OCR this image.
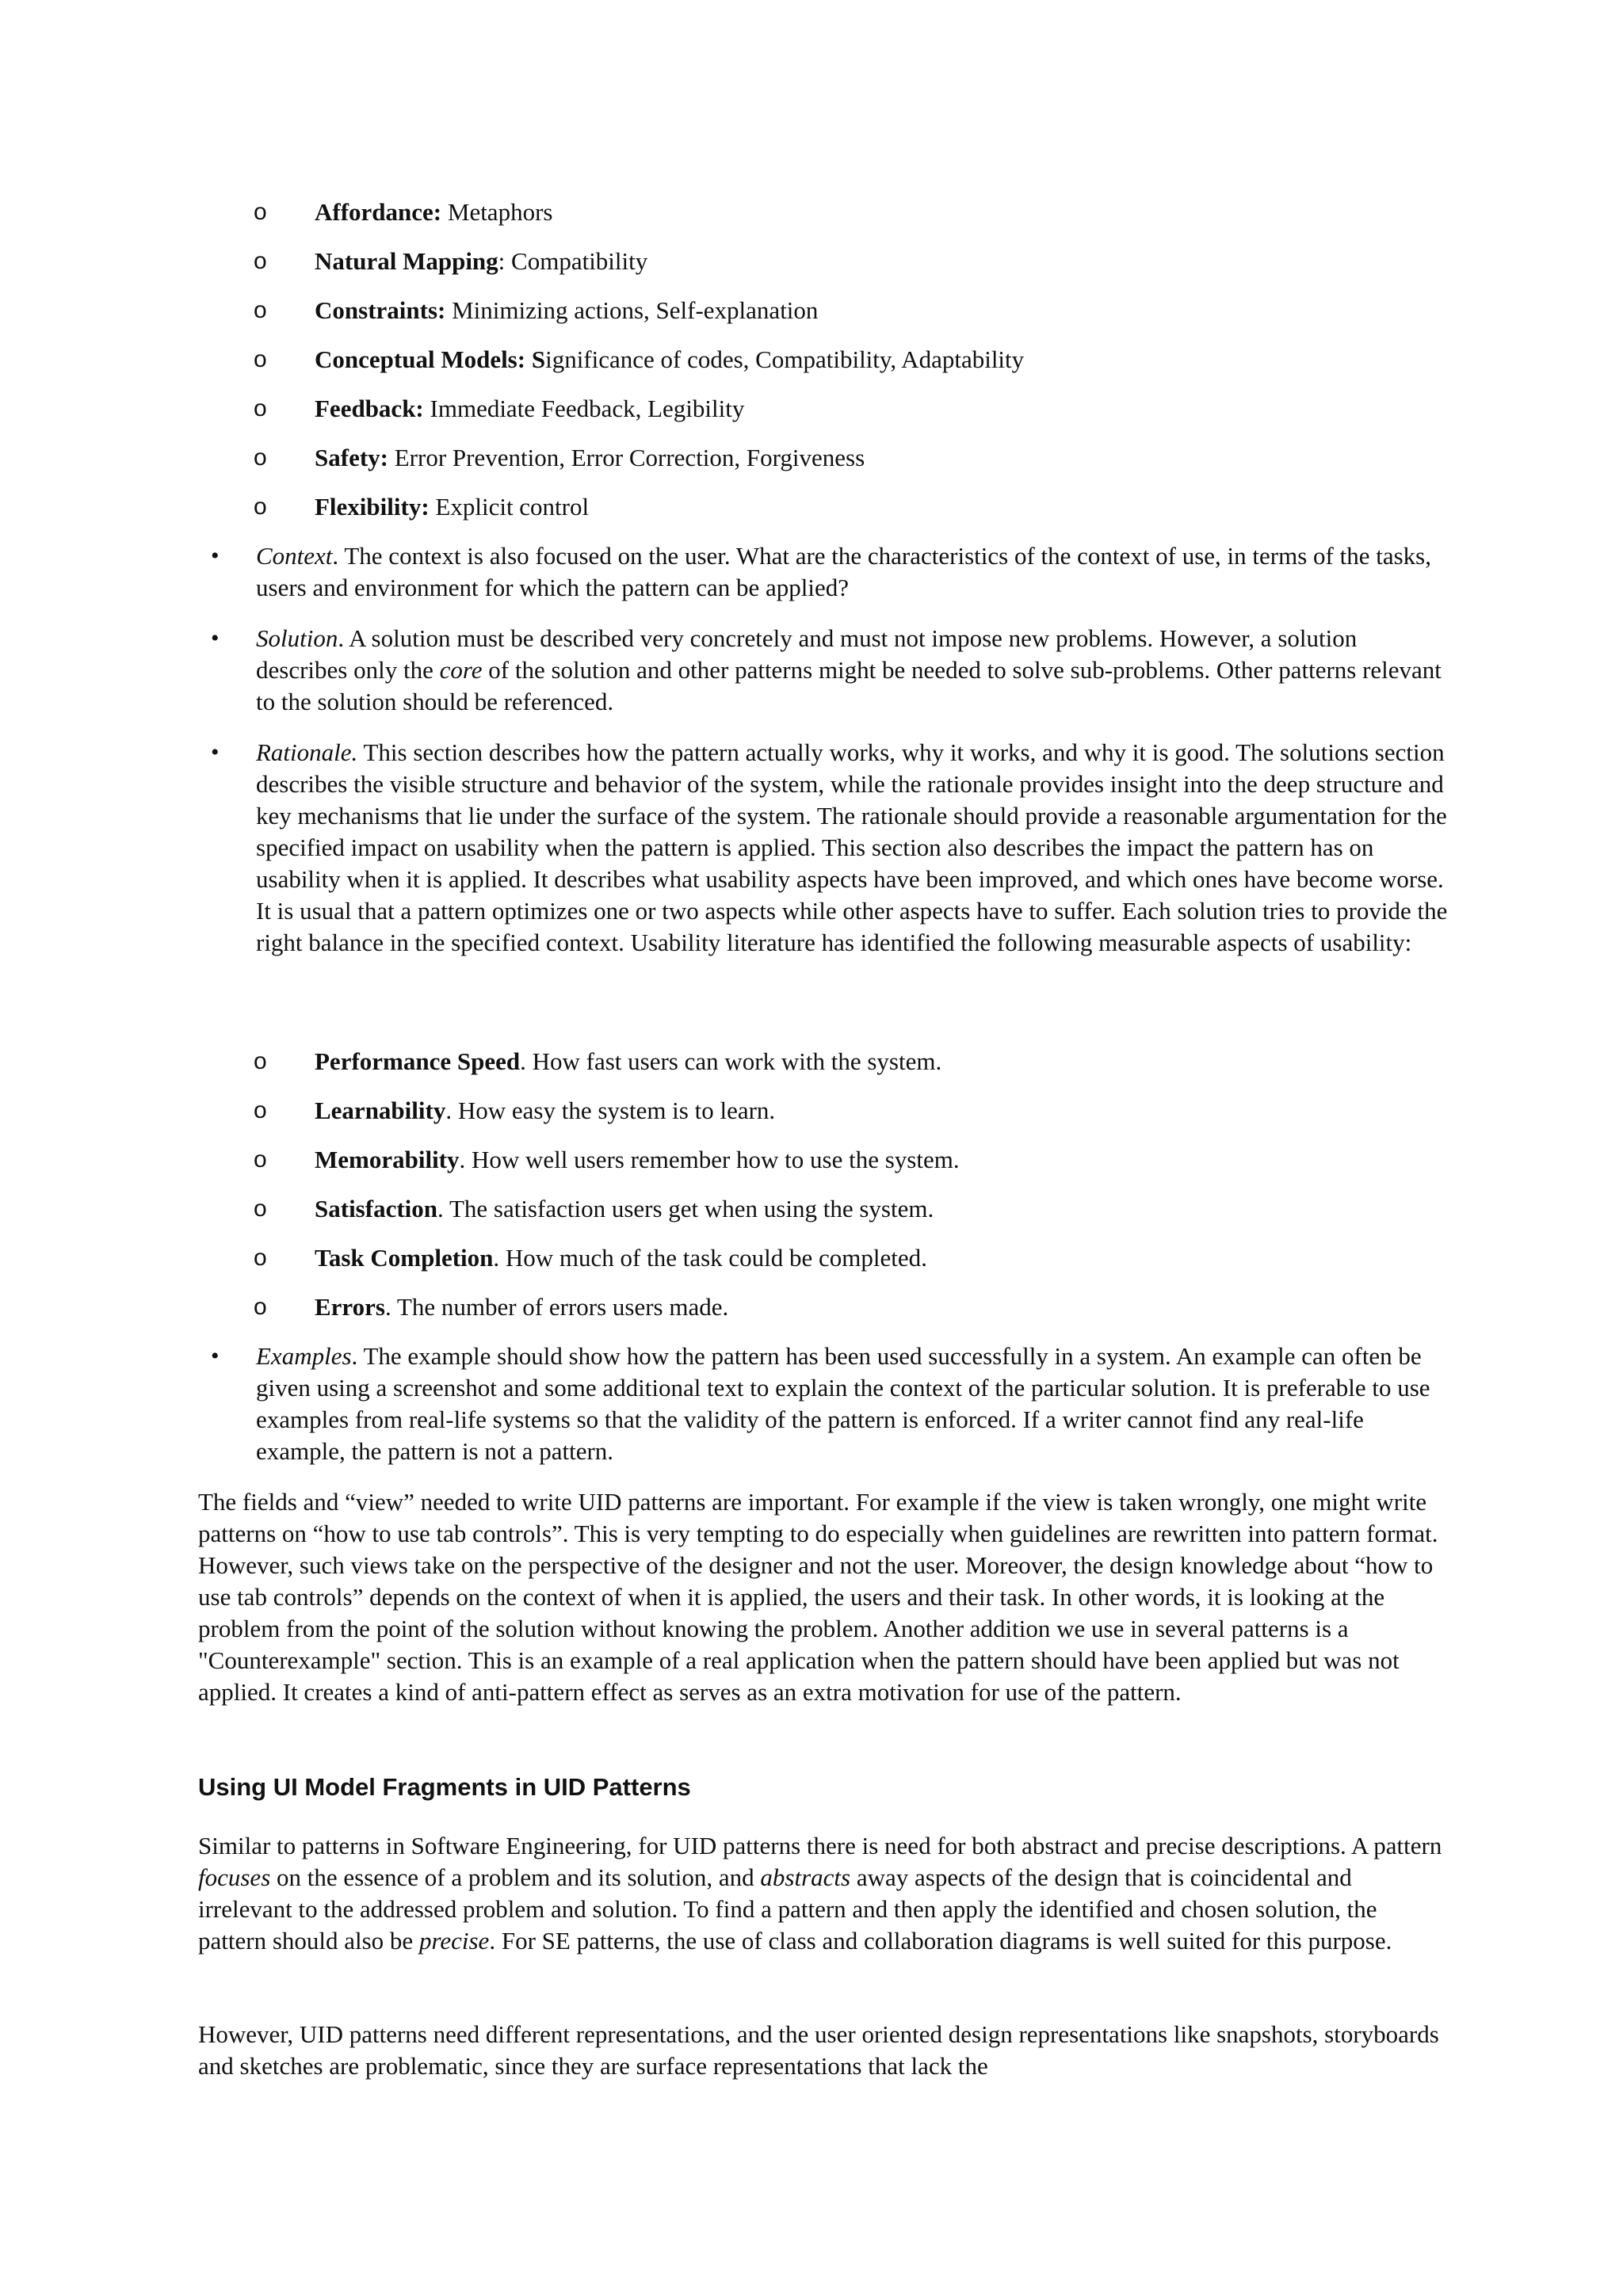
o Affordance: Metaphors
o Natural Mapping: Compatibility
o Constraints: Minimizing actions, Self-explanation
o Conceptual Models: Significance of codes, Compatibility, Adaptability
o Feedback: Immediate Feedback, Legibility
o Safety: Error Prevention, Error Correction, Forgiveness
o Flexibility: Explicit control
• Context. The context is also focused on the user. What are the characteristics of the context of use, in terms of the tasks, users and environment for which the pattern can be applied?
• Solution. A solution must be described very concretely and must not impose new problems. However, a solution describes only the core of the solution and other patterns might be needed to solve sub-problems. Other patterns relevant to the solution should be referenced.
• Rationale. This section describes how the pattern actually works, why it works, and why it is good. The solutions section describes the visible structure and behavior of the system, while the rationale provides insight into the deep structure and key mechanisms that lie under the surface of the system. The rationale should provide a reasonable argumentation for the specified impact on usability when the pattern is applied. This section also describes the impact the pattern has on usability when it is applied. It describes what usability aspects have been improved, and which ones have become worse. It is usual that a pattern optimizes one or two aspects while other aspects have to suffer. Each solution tries to provide the right balance in the specified context. Usability literature has identified the following measurable aspects of usability:
o Performance Speed. How fast users can work with the system.
o Learnability. How easy the system is to learn.
o Memorability. How well users remember how to use the system.
o Satisfaction. The satisfaction users get when using the system.
o Task Completion. How much of the task could be completed.
o Errors. The number of errors users made.
• Examples. The example should show how the pattern has been used successfully in a system. An example can often be given using a screenshot and some additional text to explain the context of the particular solution. It is preferable to use examples from real-life systems so that the validity of the pattern is enforced. If a writer cannot find any real-life example, the pattern is not a pattern.
The fields and “view” needed to write UID patterns are important. For example if the view is taken wrongly, one might write patterns on “how to use tab controls”. This is very tempting to do especially when guidelines are rewritten into pattern format. However, such views take on the perspective of the designer and not the user. Moreover, the design knowledge about “how to use tab controls” depends on the context of when it is applied, the users and their task. In other words, it is looking at the problem from the point of the solution without knowing the problem. Another addition we use in several patterns is a "Counterexample" section. This is an example of a real application when the pattern should have been applied but was not applied. It creates a kind of anti-pattern effect as serves as an extra motivation for use of the pattern.
Using UI Model Fragments in UID Patterns
Similar to patterns in Software Engineering, for UID patterns there is need for both abstract and precise descriptions. A pattern focuses on the essence of a problem and its solution, and abstracts away aspects of the design that is coincidental and irrelevant to the addressed problem and solution. To find a pattern and then apply the identified and chosen solution, the pattern should also be precise. For SE patterns, the use of class and collaboration diagrams is well suited for this purpose.
However, UID patterns need different representations, and the user oriented design representations like snapshots, storyboards and sketches are problematic, since they are surface representations that lack the
